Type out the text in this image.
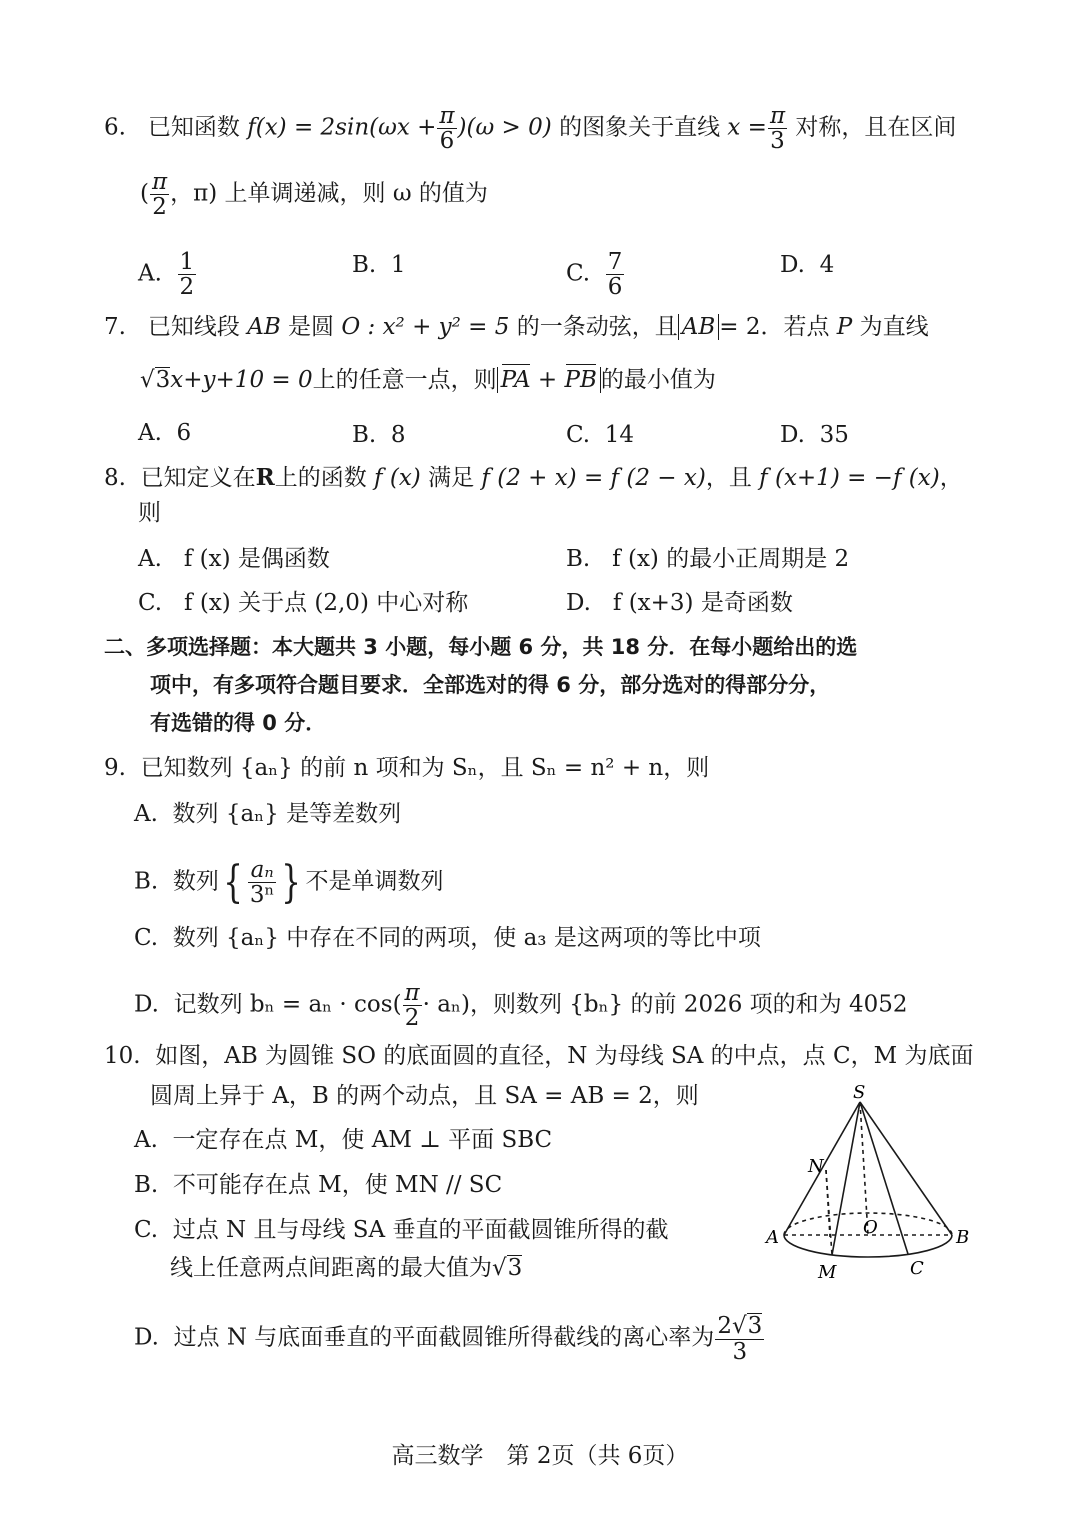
6. 已知函数 $f(x) = 2\sin(\omega x + \frac{\pi}{6} )(\omega > 0)$ 的图象关于直线 $x = \frac{\pi}{3}$ 对称，且在区间
( $\frac{\pi}{2}$ ，π) 上单调递减，则 ω 的值为
A. $\frac{1}{2}$	B. 1	C. $\frac{7}{6}$	D. 4
7. 已知线段 AB 是圆 O : x² + y² = 5 的一条动弦，且 AB = 2．若点 P 为直线
√3x+y+10 = 0上的任意一点，则 PA + PB 的最小值为
A. 6	B. 8	C. 14	D. 35
8. 已知定义在R上的函数 f (x) 满足 f (2 + x) = f (2 − x)，且 f (x+1) = −f (x)，
则
A. f (x) 是偶函数	B. f (x) 的最小正周期是 2
C. f (x) 关于点 (2,0) 中心对称	D. f (x+3) 是奇函数
二、多项选择题：本大题共 3 小题，每小题 6 分，共 18 分．在每小题给出的选
项中，有多项符合题目要求．全部选对的得 6 分，部分选对的得部分分，
有选错的得 0 分．
9. 已知数列 {aₙ} 的前 n 项和为 Sₙ，且 Sₙ = n² + n，则
A. 数列 {aₙ} 是等差数列
B. 数列{ $\frac{\text{aₙ}}{\text{3ⁿ}}$ } 不是单调数列
C. 数列 {aₙ} 中存在不同的两项，使 a₃ 是这两项的等比中项
D. 记数列 $b_n = a_n \cdot \cos( \frac{\pi}{2} \cdot a_n)$，则数列 {bₙ} 的前 2026 项的和为 4052
10. 如图，AB 为圆锥 SO 的底面圆的直径，N 为母线 SA 的中点，点 C，M 为底面
圆周上异于 A，B 的两个动点，且 SA = AB = 2，则
A. 一定存在点 M，使 AM ⊥ 平面 SBC
B. 不可能存在点 M，使 MN // SC
C. 过点 N 且与母线 SA 垂直的平面截圆锥所得的截
线上任意两点间距离的最大值为√3
D. 过点 N 与底面垂直的平面截圆锥所得截线的离心率为 $\frac{2√3}{3}$
S
N
A	O	B
M	C
高三数学　第 2页（共 6页）
